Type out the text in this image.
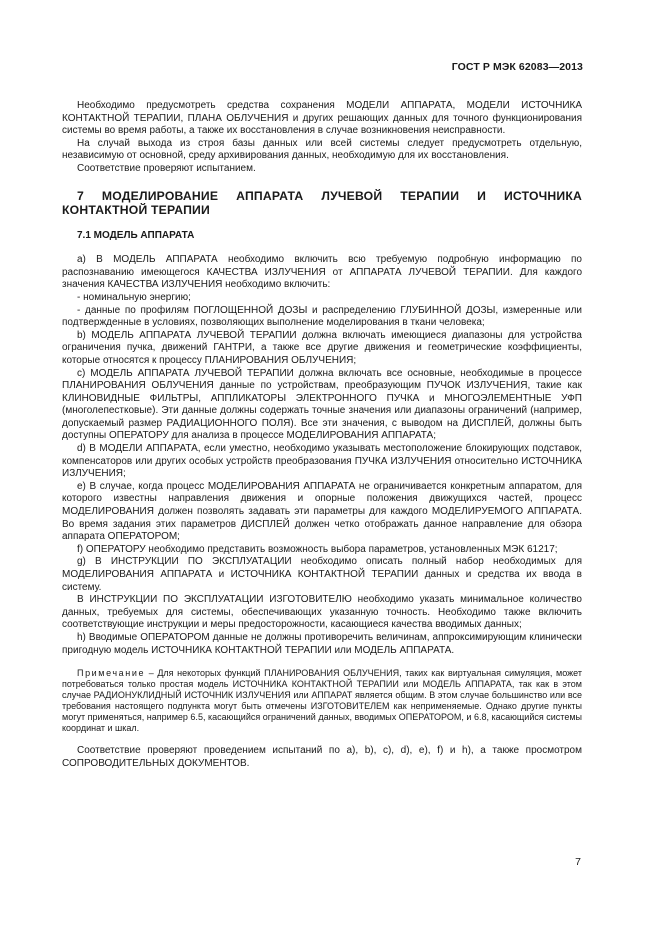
ГОСТ Р МЭК 62083—2013

Необходимо предусмотреть средства сохранения МОДЕЛИ АППАРАТА, МОДЕЛИ ИСТОЧНИКА КОНТАКТНОЙ ТЕРАПИИ, ПЛАНА ОБЛУЧЕНИЯ и других решающих данных для точного функционирования системы во время работы, а также их восстановления в случае возникновения неисправности.

На случай выхода из строя базы данных или всей системы следует предусмотреть отдельную, независимую от основной, среду архивирования данных, необходимую для их восстановления.

Соответствие проверяют испытанием.

7 МОДЕЛИРОВАНИЕ АППАРАТА ЛУЧЕВОЙ ТЕРАПИИ И ИСТОЧНИКА КОНТАКТНОЙ ТЕРАПИИ
7.1 МОДЕЛЬ АППАРАТА

a) В МОДЕЛЬ АППАРАТА необходимо включить всю требуемую подробную информацию по распознаванию имеющегося КАЧЕСТВА ИЗЛУЧЕНИЯ от АППАРАТА ЛУЧЕВОЙ ТЕРАПИИ. Для каждого значения КАЧЕСТВА ИЗЛУЧЕНИЯ необходимо включить:

- номинальную энергию;

- данные по профилям ПОГЛОЩЕННОЙ ДОЗЫ и распределению ГЛУБИННОЙ ДОЗЫ, измеренные или подтвержденные в условиях, позволяющих выполнение моделирования в ткани человека;

b) МОДЕЛЬ АППАРАТА ЛУЧЕВОЙ ТЕРАПИИ должна включать имеющиеся диапазоны для устройства ограничения пучка, движений ГАНТРИ, а также все другие движения и геометрические коэффициенты, которые относятся к процессу ПЛАНИРОВАНИЯ ОБЛУЧЕНИЯ;

c) МОДЕЛЬ АППАРАТА ЛУЧЕВОЙ ТЕРАПИИ должна включать все основные, необходимые в процессе ПЛАНИРОВАНИЯ ОБЛУЧЕНИЯ данные по устройствам, преобразующим ПУЧОК ИЗЛУЧЕНИЯ, такие как КЛИНОВИДНЫЕ ФИЛЬТРЫ, АППЛИКАТОРЫ ЭЛЕКТРОННОГО ПУЧКА и МНОГОЭЛЕМЕНТНЫЕ УФП (многолепестковые). Эти данные должны содержать точные значения или диапазоны ограничений (например, допускаемый размер РАДИАЦИОННОГО ПОЛЯ). Все эти значения, с выводом на ДИСПЛЕЙ, должны быть доступны ОПЕРАТОРУ для анализа в процессе МОДЕЛИРОВАНИЯ АППАРАТА;

d) В МОДЕЛИ АППАРАТА, если уместно, необходимо указывать местоположение блокирующих подставок, компенсаторов или других особых устройств преобразования ПУЧКА ИЗЛУЧЕНИЯ относительно ИСТОЧНИКА ИЗЛУЧЕНИЯ;

e) В случае, когда процесс МОДЕЛИРОВАНИЯ АППАРАТА не ограничивается конкретным аппаратом, для которого известны направления движения и опорные положения движущихся частей, процесс МОДЕЛИРОВАНИЯ должен позволять задавать эти параметры для каждого МОДЕЛИРУЕМОГО АППАРАТА. Во время задания этих параметров ДИСПЛЕЙ должен четко отображать данное направление для обзора аппарата ОПЕРАТОРОМ;

f) ОПЕРАТОРУ необходимо представить возможность выбора параметров, установленных МЭК 61217;

g) В ИНСТРУКЦИИ ПО ЭКСПЛУАТАЦИИ необходимо описать полный набор необходимых для МОДЕЛИРОВАНИЯ АППАРАТА и ИСТОЧНИКА КОНТАКТНОЙ ТЕРАПИИ данных и средства их ввода в систему.

В ИНСТРУКЦИИ ПО ЭКСПЛУАТАЦИИ ИЗГОТОВИТЕЛЮ необходимо указать минимальное количество данных, требуемых для системы, обеспечивающих указанную точность. Необходимо также включить соответствующие инструкции и меры предосторожности, касающиеся качества вводимых данных;

h) Вводимые ОПЕРАТОРОМ данные не должны противоречить величинам, аппроксимирующим клинически пригодную модель ИСТОЧНИКА КОНТАКТНОЙ ТЕРАПИИ или МОДЕЛЬ АППАРАТА.

Примечание – Для некоторых функций ПЛАНИРОВАНИЯ ОБЛУЧЕНИЯ, таких как виртуальная симуляция, может потребоваться только простая модель ИСТОЧНИКА КОНТАКТНОЙ ТЕРАПИИ или МОДЕЛЬ АППАРАТА, так как в этом случае РАДИОНУКЛИДНЫЙ ИСТОЧНИК ИЗЛУЧЕНИЯ или АППАРАТ является общим. В этом случае большинство или все требования настоящего подпункта могут быть отмечены ИЗГОТОВИТЕЛЕМ как неприменяемые. Однако другие пункты могут применяться, например 6.5, касающийся ограничений данных, вводимых ОПЕРАТОРОМ, и 6.8, касающийся системы координат и шкал.

Соответствие проверяют проведением испытаний по a), b), c), d), e), f) и h), а также просмотром СОПРОВОДИТЕЛЬНЫХ ДОКУМЕНТОВ.

7
